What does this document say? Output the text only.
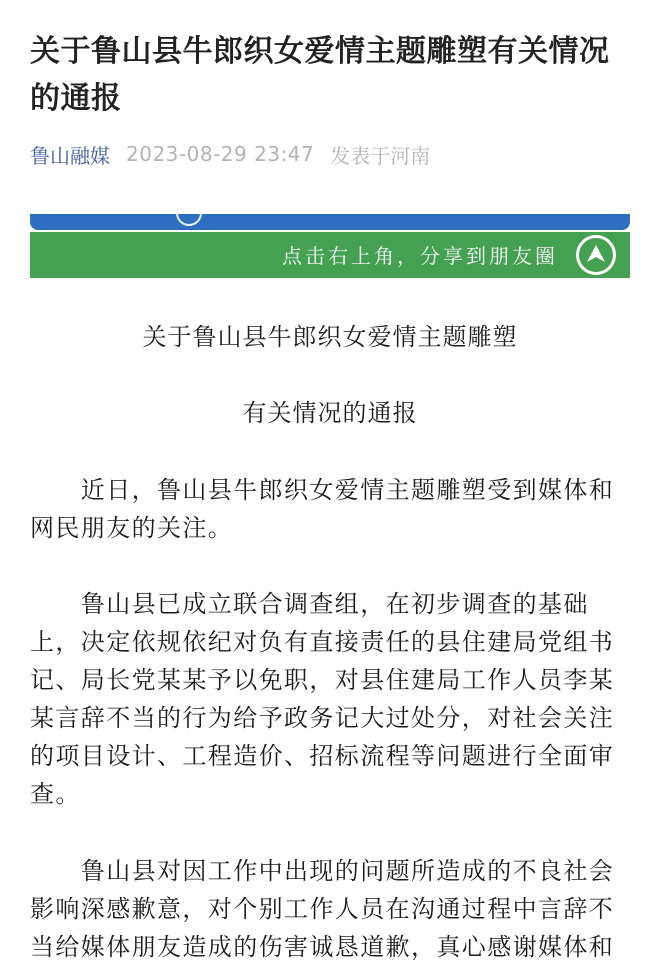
关于鲁山县牛郎织女爱情主题雕塑有关情况的通报
鲁山融媒 2023-08-29 23:47 发表于河南
点击右上角，分享到朋友圈

关于鲁山县牛郎织女爱情主题雕塑

有关情况的通报

　　近日，鲁山县牛郎织女爱情主题雕塑受到媒体和
网民朋友的关注。
　　鲁山县已成立联合调查组，在初步调查的基础
上，决定依规依纪对负有直接责任的县住建局党组书
记、局长党某某予以免职，对县住建局工作人员李某
某言辞不当的行为给予政务记大过处分，对社会关注
的项目设计、工程造价、招标流程等问题进行全面审
查。
　　鲁山县对因工作中出现的问题所造成的不良社会
影响深感歉意，对个别工作人员在沟通过程中言辞不
当给媒体朋友造成的伤害诚恳道歉，真心感谢媒体和
